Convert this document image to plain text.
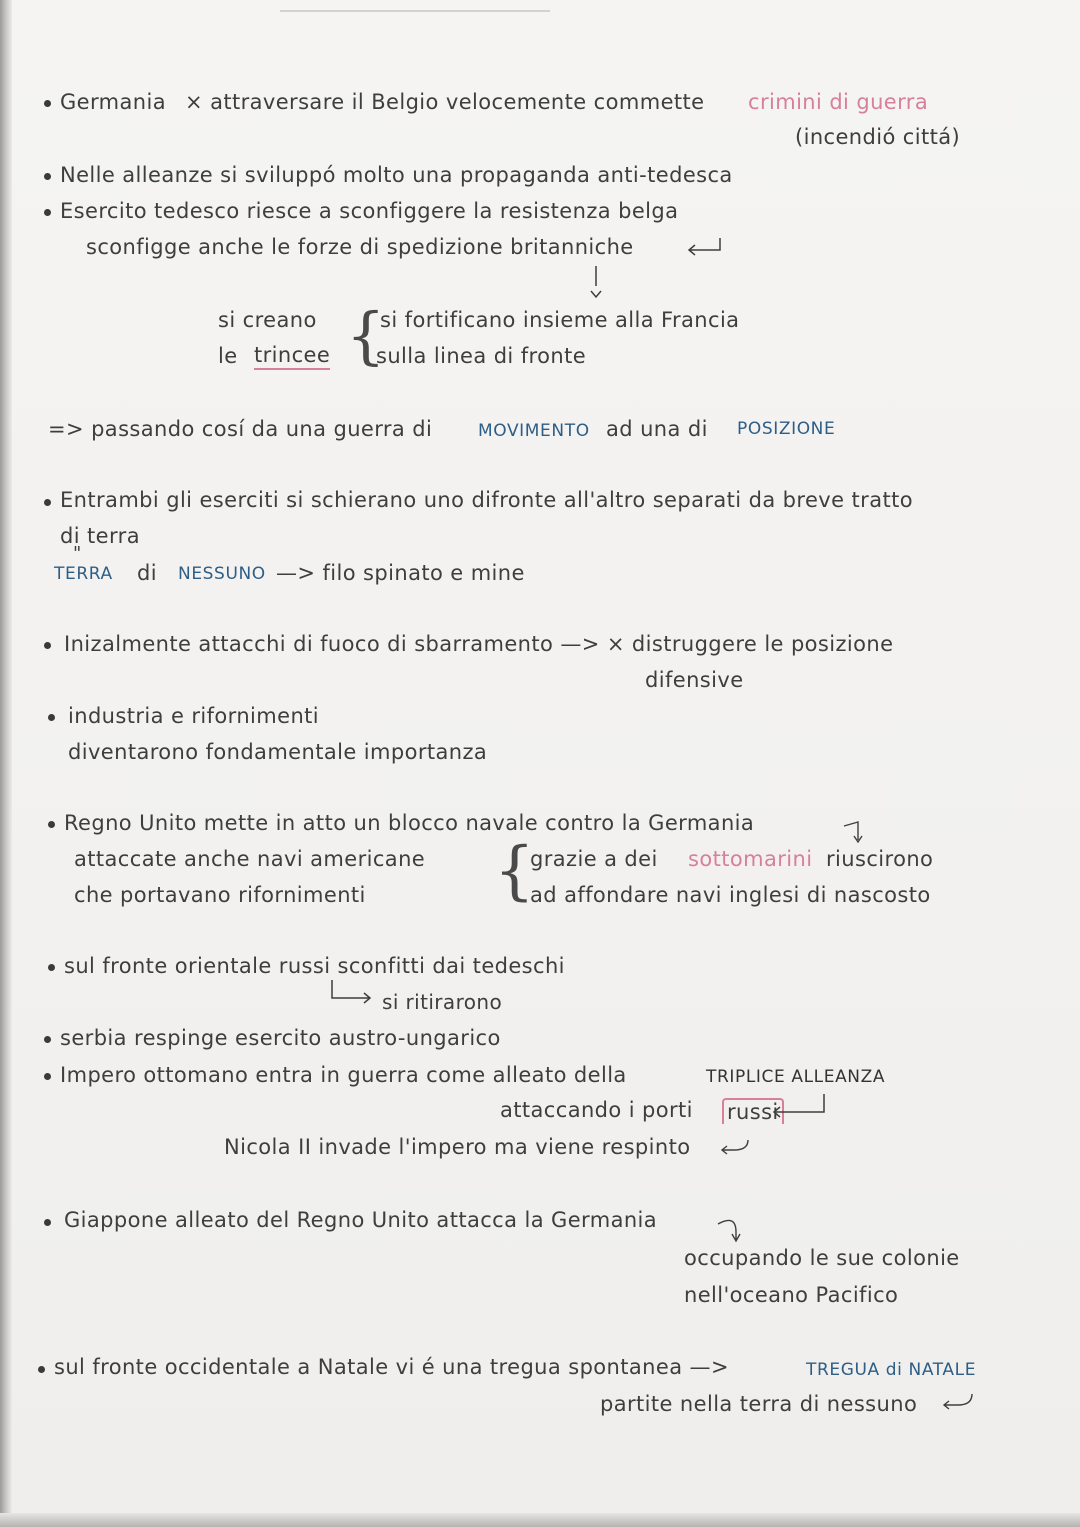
Germania × attraversare il Belgio velocemente commette crimini di guerra
(incendió cittá)
Nelle alleanze si sviluppó molto una propaganda anti-tedesca
Esercito tedesco riesce a sconfiggere la resistenza belga
sconfigge anche le forze di spedizione britanniche
si creano
le trincee {
si fortificano insieme alla Francia
sulla linea di fronte
=> passando cosí da una guerra di	MOVIMENTO ad una di POSIZIONE
Entrambi gli eserciti si schierano uno difronte all'altro separati da breve tratto
di terra
"
TERRA di NESSUNO —> filo spinato e mine
Inizalmente attacchi di fuoco di sbarramento —> × distruggere le posizione
difensive
industria e rifornimenti
diventarono fondamentale importanza
Regno Unito mette in atto un blocco navale contro la Germania
attaccate anche navi americane
che portavano rifornimenti {
grazie a dei sottomarini riuscirono
ad affondare navi inglesi di nascosto
sul fronte orientale russi sconfitti dai tedeschi
si ritirarono
serbia respinge esercito austro-ungarico
Impero ottomano entra in guerra come alleato della	TRIPLICE ALLEANZA
attaccando i porti russi
Nicola II invade l'impero ma viene respinto
Giappone alleato del Regno Unito attacca la Germania
occupando le sue colonie
nell'oceano Pacifico
sul fronte occidentale a Natale vi é una tregua spontanea —>	TREGUA di NATALE
partite nella terra di nessuno
